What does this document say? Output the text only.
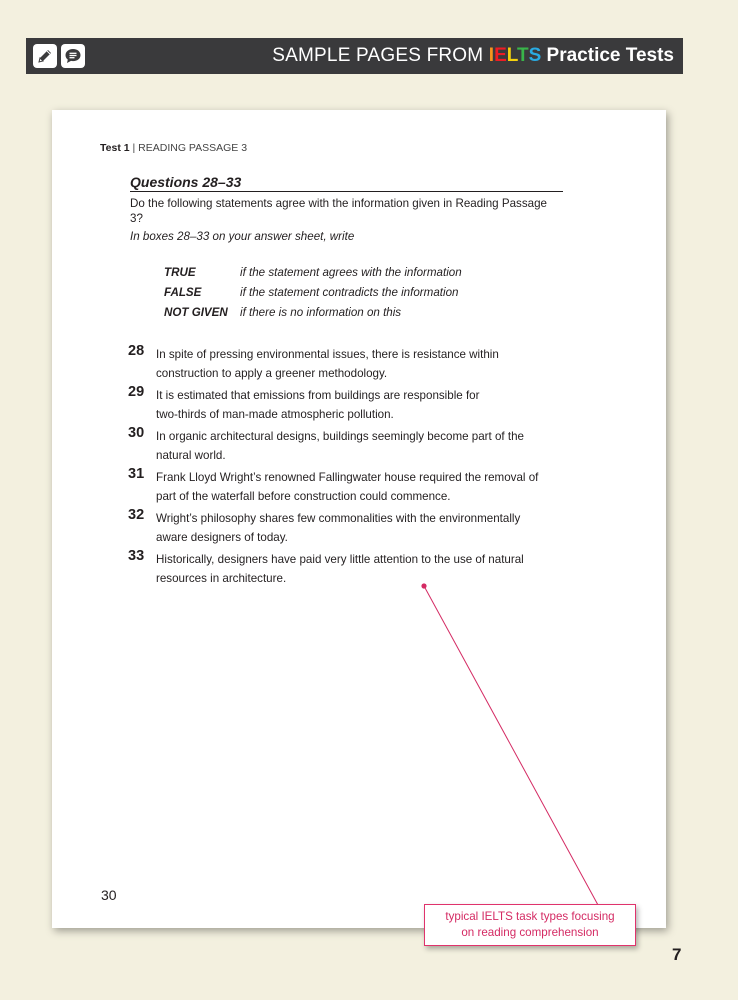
SAMPLE PAGES FROM IELTS Practice Tests
Test 1 | READING PASSAGE 3
Questions 28–33
Do the following statements agree with the information given in Reading Passage 3?
In boxes 28–33 on your answer sheet, write
TRUE	if the statement agrees with the information
FALSE	if the statement contradicts the information
NOT GIVEN if there is no information on this
28 In spite of pressing environmental issues, there is resistance within
construction to apply a greener methodology.
29 It is estimated that emissions from buildings are responsible for
two-thirds of man-made atmospheric pollution.
30 In organic architectural designs, buildings seemingly become part of the
natural world.
31 Frank Lloyd Wright’s renowned Fallingwater house required the removal of
part of the waterfall before construction could commence.
32 Wright’s philosophy shares few commonalities with the environmentally
aware designers of today.
33 Historically, designers have paid very little attention to the use of natural
resources in architecture.
30
typical IELTS task types focusing
on reading comprehension
7
